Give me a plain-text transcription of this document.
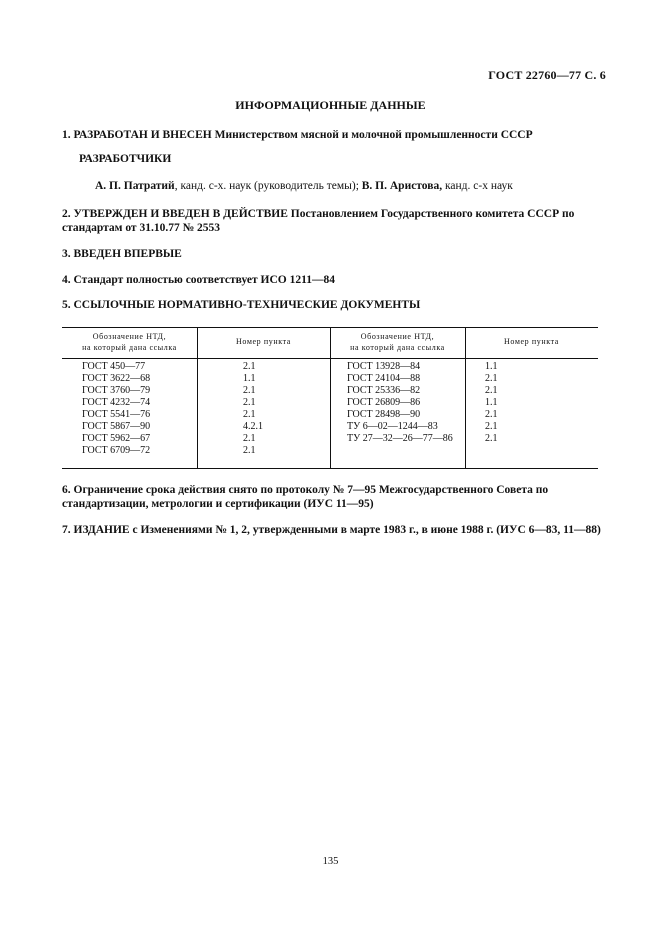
ГОСТ 22760—77 С. 6
ИНФОРМАЦИОННЫЕ ДАННЫЕ
1. РАЗРАБОТАН И ВНЕСЕН Министерством мясной и молочной промышленности СССР
РАЗРАБОТЧИКИ
А. П. Патратий, канд. с-х. наук (руководитель темы); В. П. Аристова, канд. с-х наук
2. УТВЕРЖДЕН И ВВЕДЕН В ДЕЙСТВИЕ Постановлением Государственного комитета СССР по стандартам от 31.10.77 № 2553
3. ВВЕДЕН ВПЕРВЫЕ
4. Стандарт полностью соответствует ИСО 1211—84
5. ССЫЛОЧНЫЕ НОРМАТИВНО-ТЕХНИЧЕСКИЕ ДОКУМЕНТЫ
Обозначение НТД,
на который дана ссылка
Номер пункта
Обозначение НТД,
на который дана ссылка
Номер пункта
ГОСТ 450—77
ГОСТ 3622—68
ГОСТ 3760—79
ГОСТ 4232—74
ГОСТ 5541—76
ГОСТ 5867—90
ГОСТ 5962—67
ГОСТ 6709—72
2.1
1.1
2.1
2.1
2.1
4.2.1
2.1
2.1
ГОСТ 13928—84
ГОСТ 24104—88
ГОСТ 25336—82
ГОСТ 26809—86
ГОСТ 28498—90
ТУ 6—02—1244—83
ТУ 27—32—26—77—86
1.1
2.1
2.1
1.1
2.1
2.1
2.1
6. Ограничение срока действия снято по протоколу № 7—95 Межгосударственного Совета по стандартизации, метрологии и сертификации (ИУС 11—95)
7. ИЗДАНИЕ с Изменениями № 1, 2, утвержденными в марте 1983 г., в июне 1988 г. (ИУС 6—83, 11—88)
135
